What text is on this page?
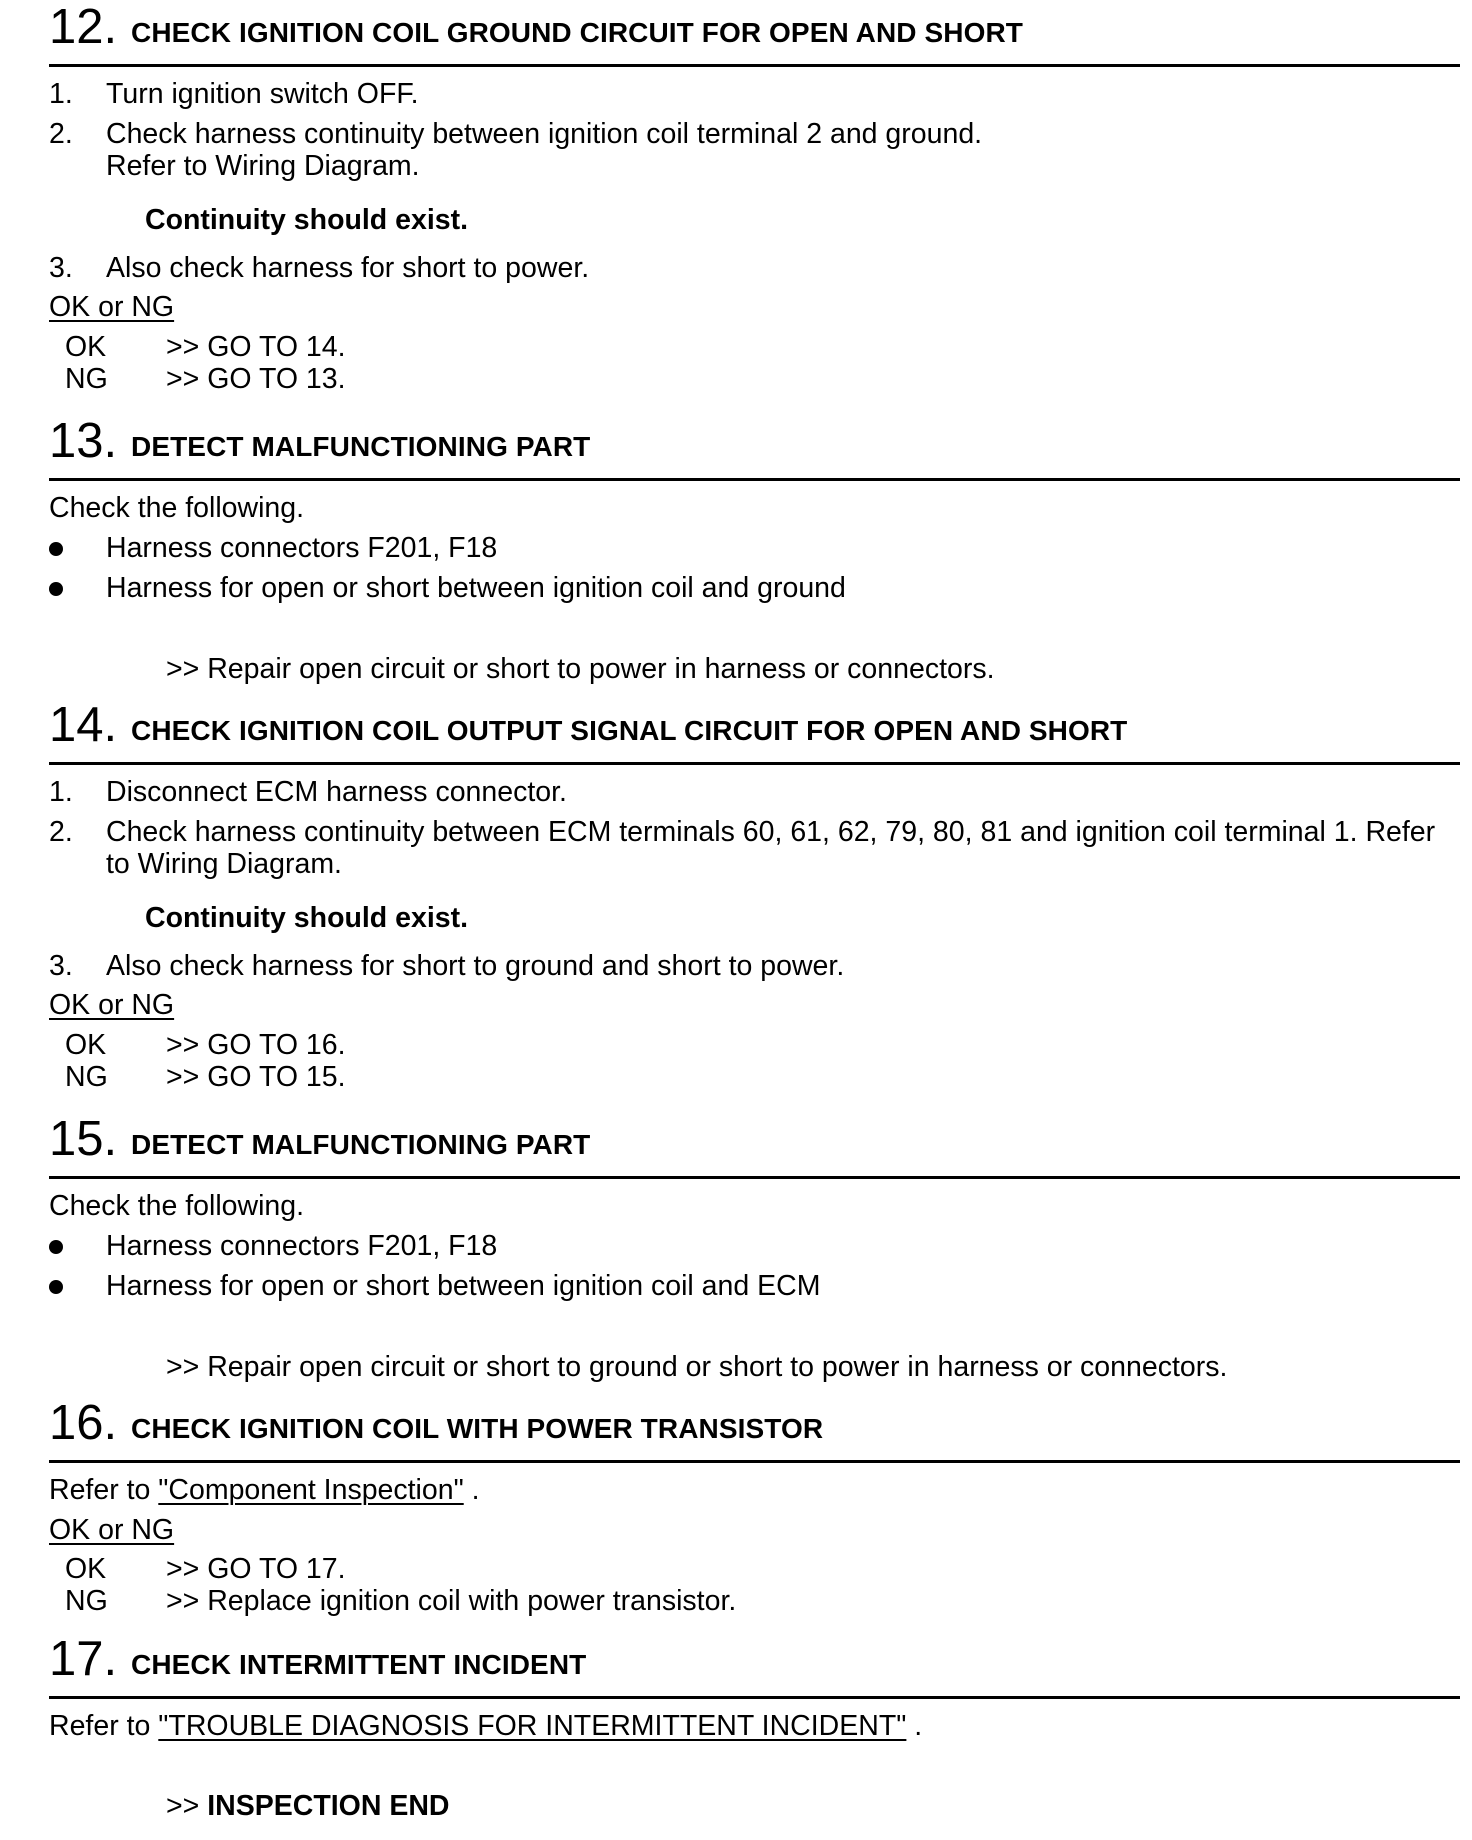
12. CHECK IGNITION COIL GROUND CIRCUIT FOR OPEN AND SHORT
1.	Turn ignition switch OFF.
2.	Check harness continuity between ignition coil terminal 2 and ground.
Refer to Wiring Diagram.
Continuity should exist.
3.	Also check harness for short to power.
OK or NG
OK >> GO TO 14.
NG >> GO TO 13.
13. DETECT MALFUNCTIONING PART
Check the following.
Harness connectors F201, F18
Harness for open or short between ignition coil and ground
>> Repair open circuit or short to power in harness or connectors.
14. CHECK IGNITION COIL OUTPUT SIGNAL CIRCUIT FOR OPEN AND SHORT
1.	Disconnect ECM harness connector.
2.	Check harness continuity between ECM terminals 60, 61, 62, 79, 80, 81 and ignition coil terminal 1. Refer
to Wiring Diagram.
Continuity should exist.
3.	Also check harness for short to ground and short to power.
OK or NG
OK >> GO TO 16.
NG >> GO TO 15.
15. DETECT MALFUNCTIONING PART
Check the following.
Harness connectors F201, F18
Harness for open or short between ignition coil and ECM
>> Repair open circuit or short to ground or short to power in harness or connectors.
16. CHECK IGNITION COIL WITH POWER TRANSISTOR
Refer to "Component Inspection" .
OK or NG
OK >> GO TO 17.
NG >> Replace ignition coil with power transistor.
17. CHECK INTERMITTENT INCIDENT
Refer to "TROUBLE DIAGNOSIS FOR INTERMITTENT INCIDENT" .
>> INSPECTION END
